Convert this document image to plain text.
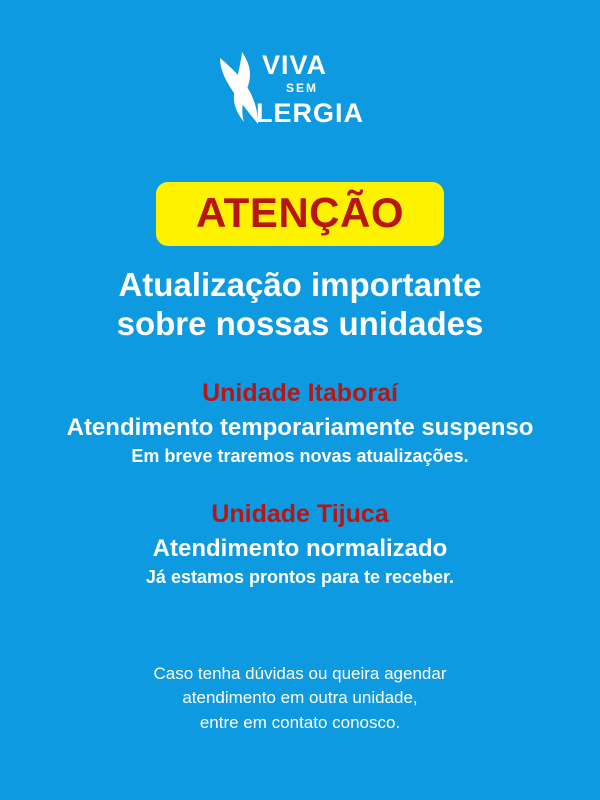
VIVA
SEM
LERGIA
ATENÇÃO
Atualização importante
sobre nossas unidades
Unidade Itaboraí
Atendimento temporariamente suspenso
Em breve traremos novas atualizações.
Unidade Tijuca
Atendimento normalizado
Já estamos prontos para te receber.
Caso tenha dúvidas ou queira agendar
atendimento em outra unidade,
entre em contato conosco.
